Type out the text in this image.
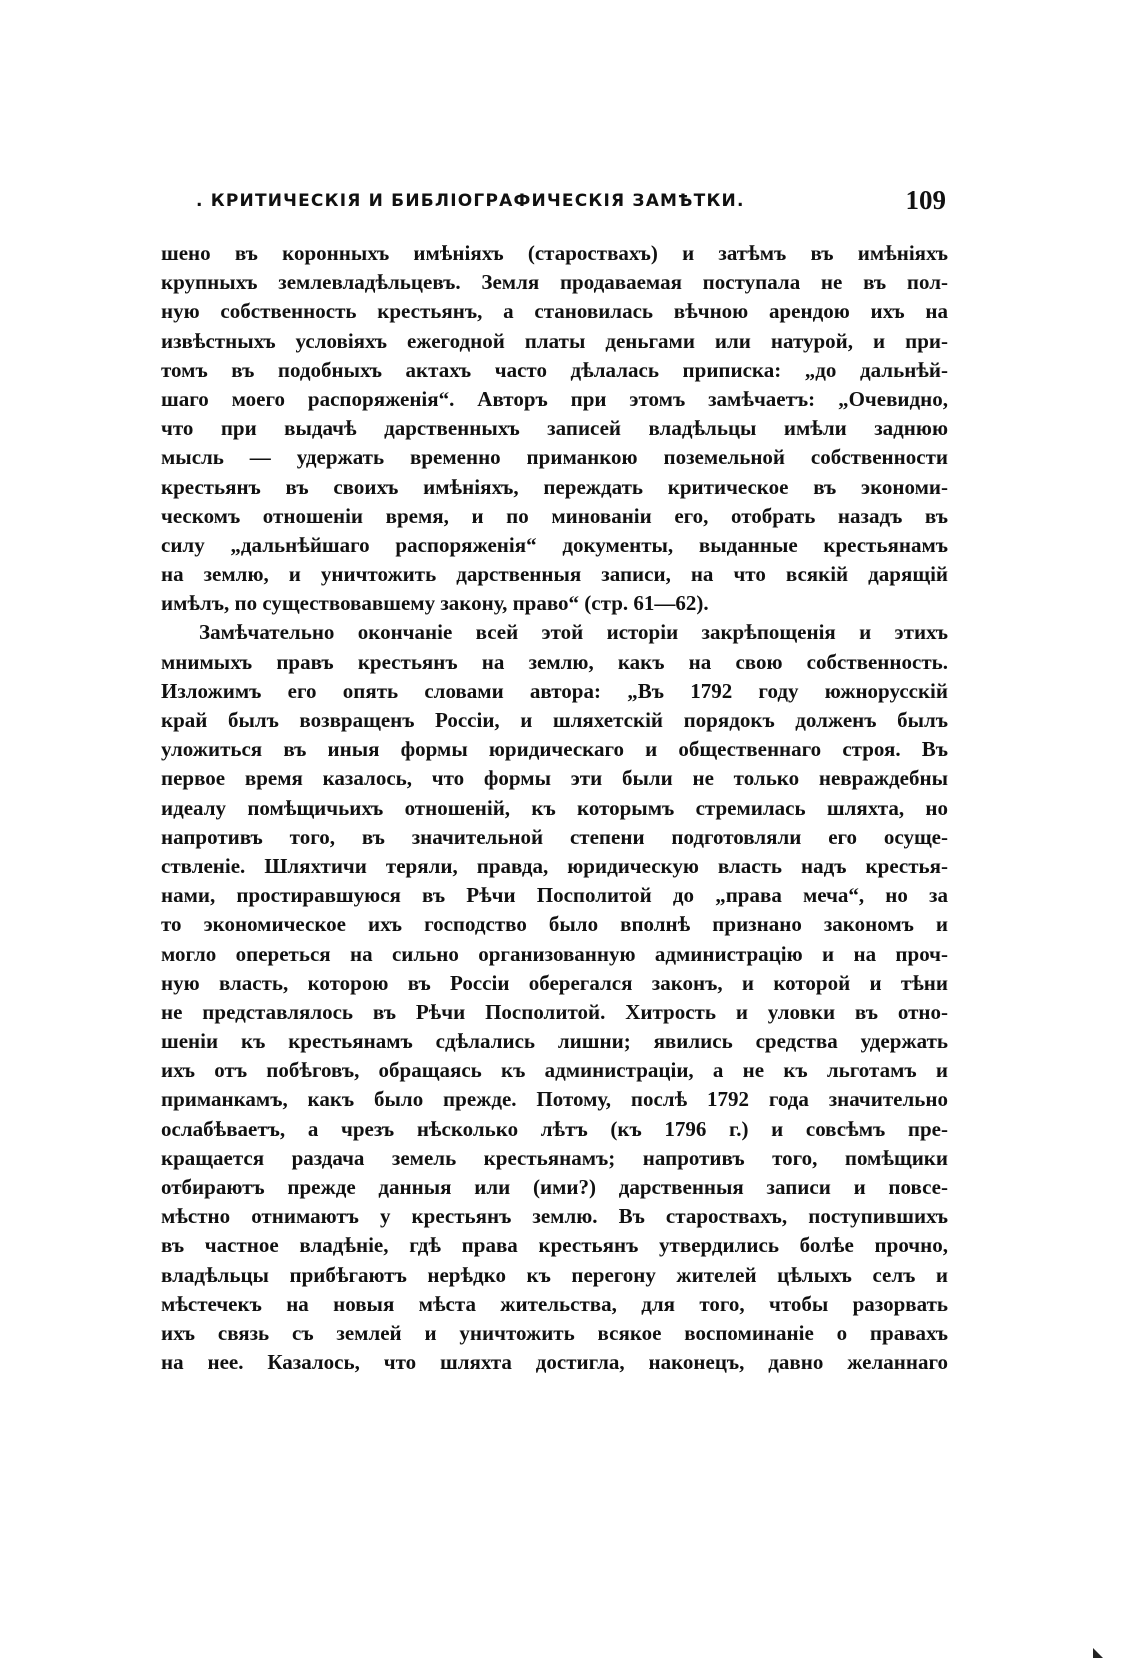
. КРИТИЧЕСКІЯ И БИБЛІОГРАФИЧЕСКІЯ ЗАМѢТКИ.	109
шено въ коронныхъ имѣніяхъ (староствахъ) и затѣмъ въ имѣніяхъ
крупныхъ землевладѣльцевъ. Земля продаваемая поступала не въ пол-
ную собственность крестьянъ, а становилась вѣчною арендою ихъ на
извѣстныхъ условіяхъ ежегодной платы деньгами или натурой, и при-
томъ въ подобныхъ актахъ часто дѣлалась приписка: „до дальнѣй-
шаго моего распоряженія“. Авторъ при этомъ замѣчаетъ: „Очевидно,
что при выдачѣ дарственныхъ записей владѣльцы имѣли заднюю
мысль — удержать временно приманкою поземельной собственности
крестьянъ въ своихъ имѣніяхъ, переждать критическое въ экономи-
ческомъ отношеніи время, и по минованіи его, отобрать назадъ въ
силу „дальнѣйшаго распоряженія“ документы, выданные крестьянамъ
на землю, и уничтожить дарственныя записи, на что всякій дарящій
имѣлъ, по существовавшему закону, право“ (стр. 61—62).
Замѣчательно окончаніе всей этой исторіи закрѣпощенія и этихъ
мнимыхъ правъ крестьянъ на землю, какъ на свою собственность.
Изложимъ его опять словами автора: „Въ 1792 году южнорусскій
край былъ возвращенъ Россіи, и шляхетскій порядокъ долженъ былъ
уложиться въ иныя формы юридическаго и общественнаго строя. Въ
первое время казалось, что формы эти были не только невраждебны
идеалу помѣщичьихъ отношеній, къ которымъ стремилась шляхта, но
напротивъ того, въ значительной степени подготовляли его осуще-
ствленіе. Шляхтичи теряли, правда, юридическую власть надъ крестья-
нами, простиравшуюся въ Рѣчи Посполитой до „права меча“, но за
то экономическое ихъ господство было вполнѣ признано закономъ и
могло опереться на сильно организованную администрацію и на проч-
ную власть, которою въ Россіи оберегался законъ, и которой и тѣни
не представлялось въ Рѣчи Посполитой. Хитрость и уловки въ отно-
шеніи къ крестьянамъ сдѣлались лишни; явились средства удержать
ихъ отъ побѣговъ, обращаясь къ администраціи, а не къ льготамъ и
приманкамъ, какъ было прежде. Потому, послѣ 1792 года значительно
ослабѣваетъ, а чрезъ нѣсколько лѣтъ (къ 1796 г.) и совсѣмъ пре-
кращается раздача земель крестьянамъ; напротивъ того, помѣщики
отбираютъ прежде данныя или (ими?) дарственныя записи и повсе-
мѣстно отнимаютъ у крестьянъ землю. Въ староствахъ, поступившихъ
въ частное владѣніе, гдѣ права крестьянъ утвердились болѣе прочно,
владѣльцы прибѣгаютъ нерѣдко къ перегону жителей цѣлыхъ селъ и
мѣстечекъ на новыя мѣста жительства, для того, чтобы разорвать
ихъ связь съ землей и уничтожить всякое воспоминаніе о правахъ
на нее. Казалось, что шляхта достигла, наконецъ, давно желаннаго
